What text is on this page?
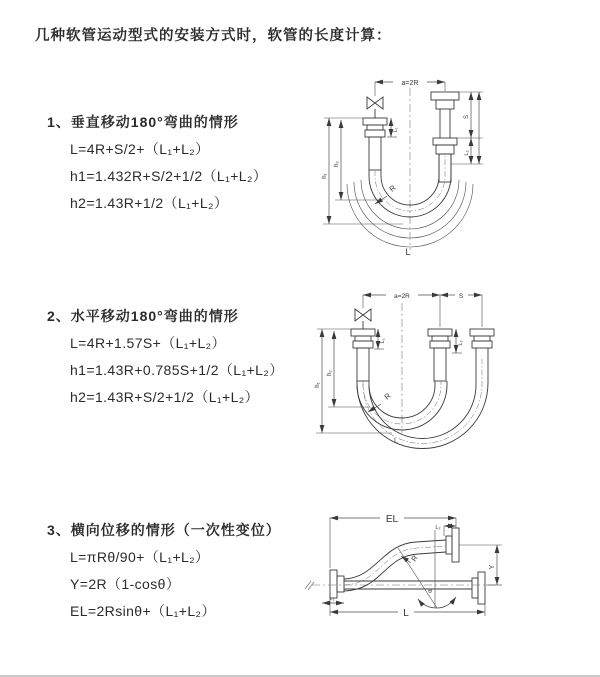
几种软管运动型式的安装方式时，软管的长度计算：
1、垂直移动180°弯曲的情形
L=4R+S/2+（L₁+L₂）
h1=1.432R+S/2+1/2（L₁+L₂）
h2=1.43R+1/2（L₁+L₂）
2、水平移动180°弯曲的情形
L=4R+1.57S+（L₁+L₂）
h1=1.43R+0.785S+1/2（L₁+L₂）
h2=1.43R+S/2+1/2（L₁+L₂）
3、横向位移的情形（一次性变位）
L=πRθ/90+（L₁+L₂）
Y=2R（1-cosθ）
EL=2Rsinθ+（L₁+L₂）
a=2R
R
L
h₁
h₂
L₁
S
L₂
a=2R	S
R
h₁
h₂
L₁	L₂
L
EL
L₂
R
θ
Y
L
L₁
